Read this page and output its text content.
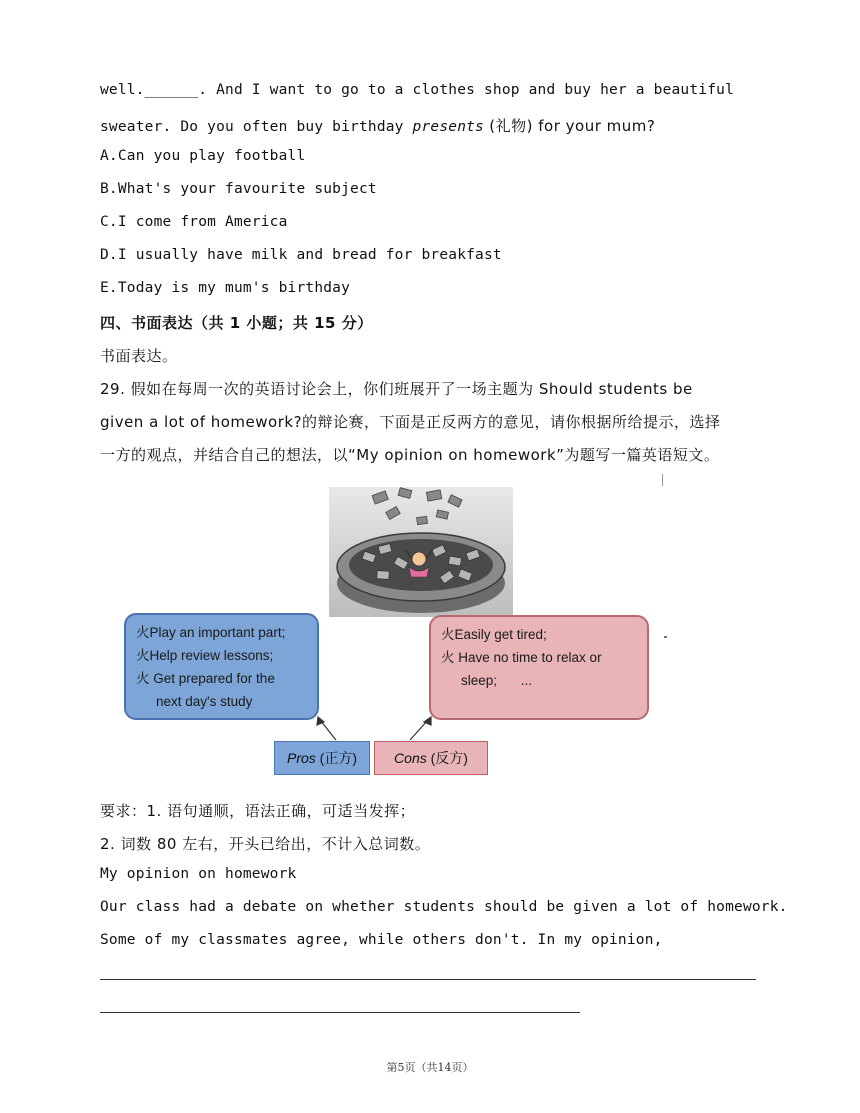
well.______. And I want to go to a clothes shop and buy her a beautiful
sweater. Do you often buy birthday presents (礼物) for your mum?
A.Can you play football
B.What's your favourite subject
C.I come from America
D.I usually have milk and bread for breakfast
E.Today is my mum's birthday
四、书面表达（共 1 小题；共 15 分）
书面表达。
29. 假如在每周一次的英语讨论会上，你们班展开了一场主题为 Should students be
given a lot of homework?的辩论赛，下面是正反两方的意见，请你根据所给提示，选择
一方的观点，并结合自己的想法，以“My opinion on homework”为题写一篇英语短文。
火Play an important part;
火Help review lessons;
火 Get prepared for the
next day's study
火Easily get tired;
火 Have no time to relax or
sleep; ...
Pros (正方)	Cons (反方)
要求：1. 语句通顺，语法正确，可适当发挥；
2. 词数 80 左右，开头已给出，不计入总词数。
My opinion on homework
Our class had a debate on whether students should be given a lot of homework.
Some of my classmates agree, while others don't. In my opinion,
第5页（共14页）
